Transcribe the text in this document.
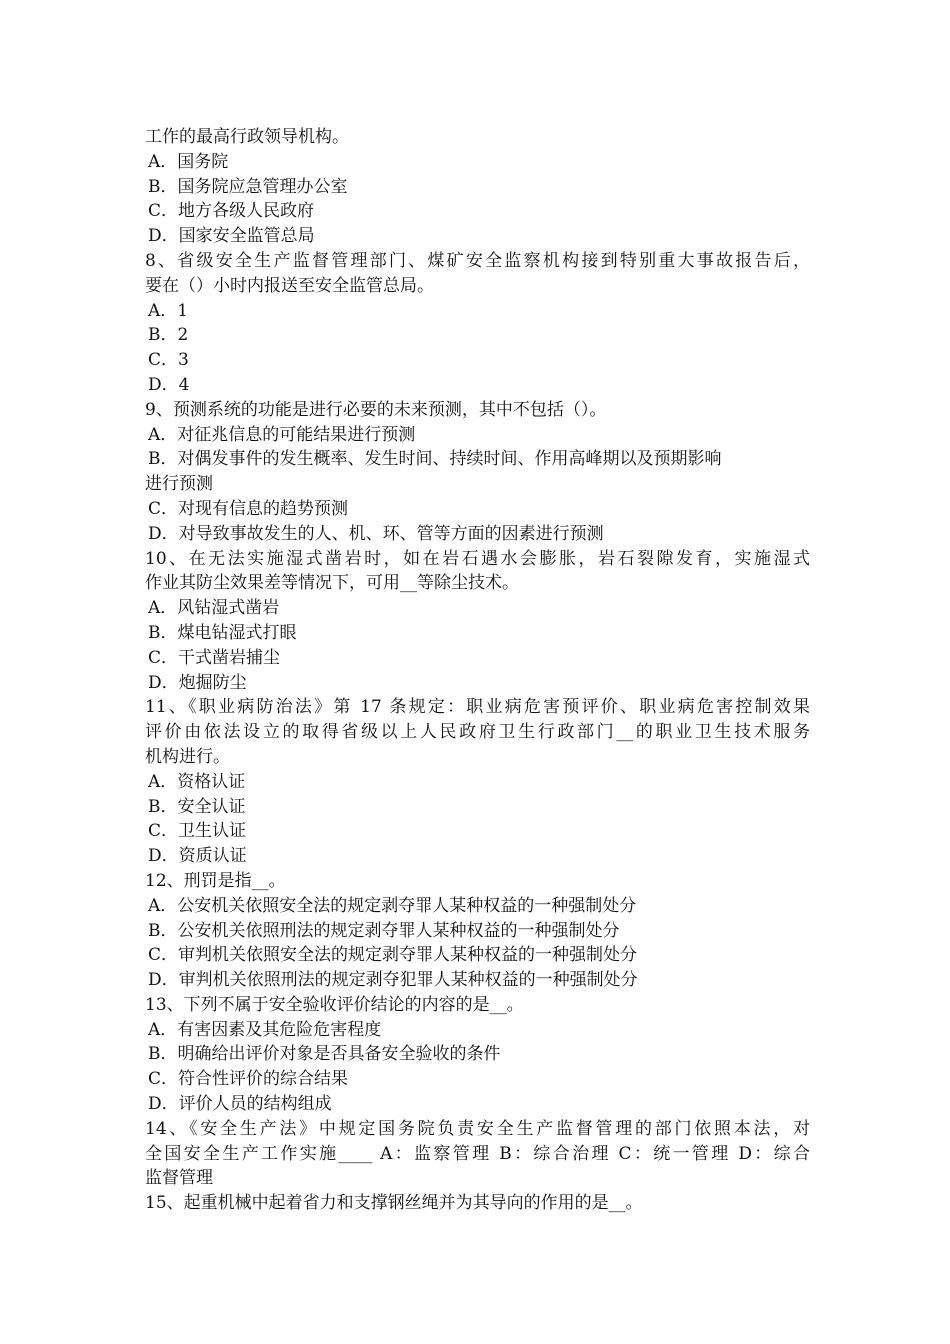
工作的最高行政领导机构。
A．国务院
B．国务院应急管理办公室
C．地方各级人民政府
D．国家安全监管总局
8、省级安全生产监督管理部门、煤矿安全监察机构接到特别重大事故报告后，
要在（）小时内报送至安全监管总局。
A．1
B．2
C．3
D．4
9、预测系统的功能是进行必要的未来预测，其中不包括（）。
A．对征兆信息的可能结果进行预测
B．对偶发事件的发生概率、发生时间、持续时间、作用高峰期以及预期影响
进行预测
C．对现有信息的趋势预测
D．对导致事故发生的人、机、环、管等方面的因素进行预测
10、在无法实施湿式凿岩时，如在岩石遇水会膨胀，岩石裂隙发育，实施湿式
作业其防尘效果差等情况下，可用__等除尘技术。
A．风钻湿式凿岩
B．煤电钻湿式打眼
C．干式凿岩捕尘
D．炮掘防尘
11、《职业病防治法》第 17 条规定：职业病危害预评价、职业病危害控制效果
评价由依法设立的取得省级以上人民政府卫生行政部门__的职业卫生技术服务
机构进行。
A．资格认证
B．安全认证
C．卫生认证
D．资质认证
12、刑罚是指__。
A．公安机关依照安全法的规定剥夺罪人某种权益的一种强制处分
B．公安机关依照刑法的规定剥夺罪人某种权益的一种强制处分
C．审判机关依照安全法的规定剥夺罪人某种权益的一种强制处分
D．审判机关依照刑法的规定剥夺犯罪人某种权益的一种强制处分
13、下列不属于安全验收评价结论的内容的是__。
A．有害因素及其危险危害程度
B．明确给出评价对象是否具备安全验收的条件
C．符合性评价的综合结果
D．评价人员的结构组成
14、《安全生产法》中规定国务院负责安全生产监督管理的部门依照本法，对
全国安全生产工作实施____ A：监察管理 B：综合治理 C：统一管理 D：综合
监督管理
15、起重机械中起着省力和支撑钢丝绳并为其导向的作用的是__。
